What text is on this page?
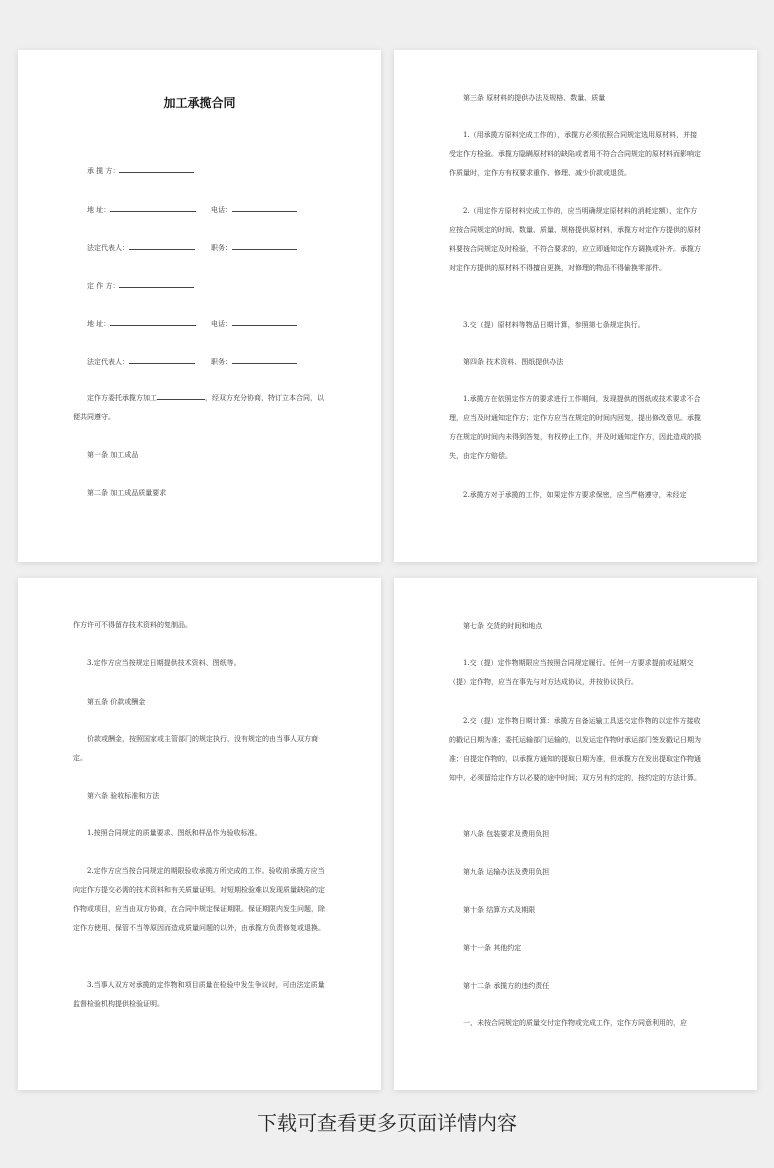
加工承揽合同
承 揽 方：
地 址：	电话：
法定代表人：	职务：
定 作 方：
地 址：	电话：
法定代表人：	职务：
定作方委托承揽方加工	，经双方充分协商，特订立本合同，以便共同遵守。
第一条 加工成品
第二条 加工成品质量要求
第三条 原材料的提供办法及规格、数量、质量
1.（用承揽方原料完成工作的），承揽方必须依照合同规定选用原材料，并接受定作方检验。承揽方隐瞒原材料的缺陷或者用不符合合同规定的原材料而影响定作质量时，定作方有权要求重作、修理、减少价款或退货。
2.（用定作方原材料完成工作的，应当明确规定原材料的消耗定额），定作方应按合同规定的时间、数量、质量、规格提供原材料，承揽方对定作方提供的原材料要按合同规定及时检验，不符合要求的，应立即通知定作方调换或补齐。承揽方对定作方提供的原材料不得擅自更换，对修理的物品不得偷换零部件。
3.交（提）原材料等物品日期计算，参照第七条规定执行。
第四条 技术资料、图纸提供办法
1.承揽方在依照定作方的要求进行工作期间，发现提供的图纸或技术要求不合理，应当及时通知定作方；定作方应当在规定的时间内回复，提出修改意见。承揽方在规定的时间内未得到答复，有权停止工作，并及时通知定作方，因此造成的损失，由定作方赔偿。
2.承揽方对于承揽的工作，如果定作方要求保密，应当严格遵守，未经定
作方许可不得留存技术资料的复制品。
3.定作方应当按规定日期提供技术资料、图纸等。
第五条 价款或酬金
价款或酬金，按照国家或主管部门的规定执行，没有规定的由当事人双方商定。
第六条 验收标准和方法
1.按照合同规定的质量要求、图纸和样品作为验收标准。
2.定作方应当按合同规定的期限验收承揽方所完成的工作。验收前承揽方应当向定作方提交必需的技术资料和有关质量证明。对短期检验难以发现质量缺陷的定作物或项目，应当由双方协商，在合同中规定保证期限。保证期限内发生问题，除定作方使用、保管不当等原因而造成质量问题的以外，由承揽方负责修复或退换。
3.当事人双方对承揽的定作物和项目质量在检验中发生争议时，可由法定质量监督检验机构提供检验证明。
第七条 交货的时间和地点
1.交（提）定作物期限应当按照合同规定履行。任何一方要求提前或延期交（提）定作物，应当在事先与对方达成协议，并按协议执行。
2.交（提）定作物日期计算：承揽方自备运输工具送交定作物的以定作方接收的戳记日期为准；委托运输部门运输的，以发运定作物时承运部门签发戳记日期为准；自提定作物的，以承揽方通知的提取日期为准，但承揽方在发出提取定作物通知中，必须留给定作方以必要的途中时间；双方另有约定的，按约定的方法计算。
第八条 包装要求及费用负担
第九条 运输办法及费用负担
第十条 结算方式及期限
第十一条 其他约定
第十二条 承揽方的违约责任
一、未按合同规定的质量交付定作物或完成工作，定作方同意利用的，应
下载可查看更多页面详情内容
